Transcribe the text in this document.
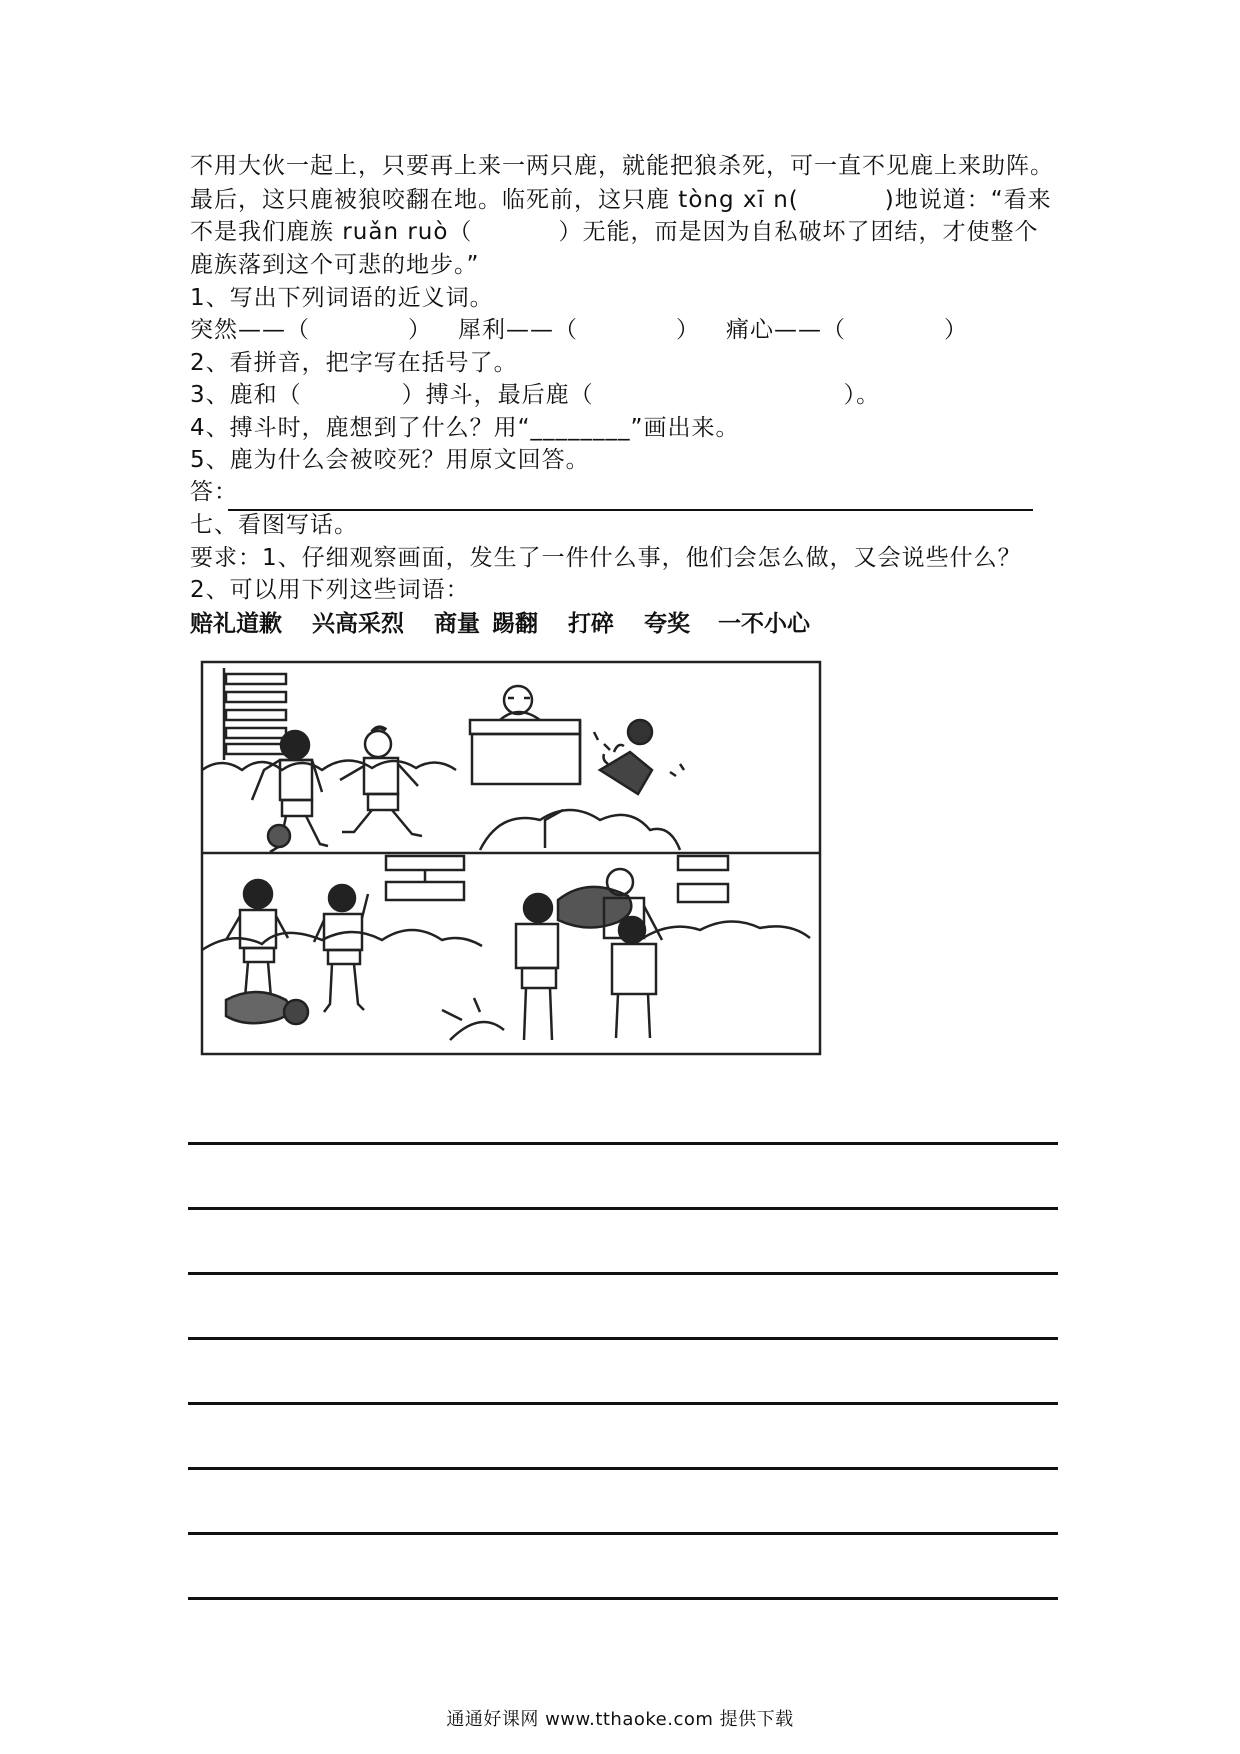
不用大伙一起上，只要再上来一两只鹿，就能把狼杀死，可一直不见鹿上来助阵。
最后，这只鹿被狼咬翻在地。临死前，这只鹿 tòng xī n(	)地说道：“看来
不是我们鹿族 ruǎn ruò（	）无能，而是因为自私破坏了团结，才使整个
鹿族落到这个可悲的地步。”
1、写出下列词语的近义词。
突然——（	） 犀利——（	） 痛心——（	）
2、看拼音，把字写在括号了。
3、鹿和（	）搏斗，最后鹿（	）。
4、搏斗时，鹿想到了什么？用“________”画出来。
5、鹿为什么会被咬死？用原文回答。
答：
七、看图写话。
要求：1、仔细观察画面，发生了一件什么事，他们会怎么做，又会说些什么？
2、可以用下列这些词语：
赔礼道歉 兴高采烈 商量 踢翻 打碎 夸奖 一不小心
通通好课网 www.tthaoke.com 提供下载
